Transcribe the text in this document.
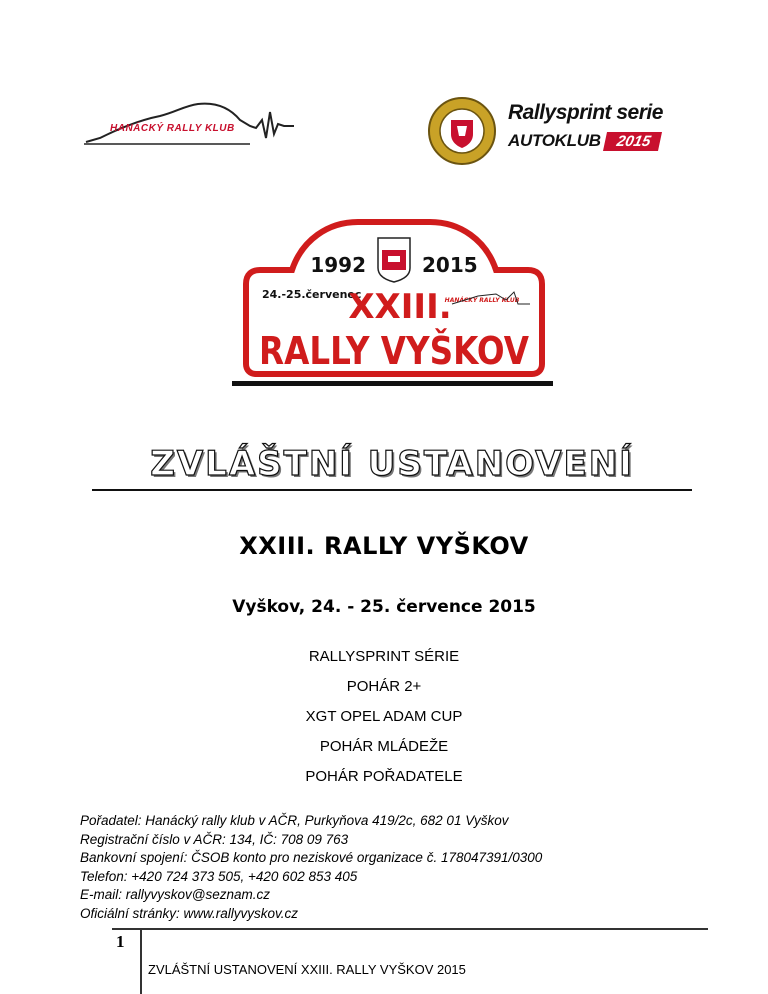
HANÁCKÝ RALLY KLUB
Rallysprint serie
AUTOKLUB 2015
1992	2015
24.-25.červenec
XXIII.
HANÁCKÝ RALLY KLUB
RALLY VYŠKOV
ZVLÁŠTNÍ USTANOVENÍ
XXIII. RALLY VYŠKOV
Vyškov, 24. - 25. července 2015
RALLYSPRINT SÉRIE
POHÁR 2+
XGT OPEL ADAM CUP
POHÁR MLÁDEŽE
POHÁR POŘADATELE
Pořadatel: Hanácký rally klub v AČR, Purkyňova 419/2c, 682 01 Vyškov
Registrační číslo v AČR: 134, IČ: 708 09 763
Bankovní spojení: ČSOB konto pro neziskové organizace č. 178047391/0300
Telefon: +420 724 373 505, +420 602 853 405
E-mail: rallyvyskov@seznam.cz
Oficiální stránky: www.rallyvyskov.cz
1
ZVLÁŠTNÍ USTANOVENÍ XXIII. RALLY VYŠKOV 2015
